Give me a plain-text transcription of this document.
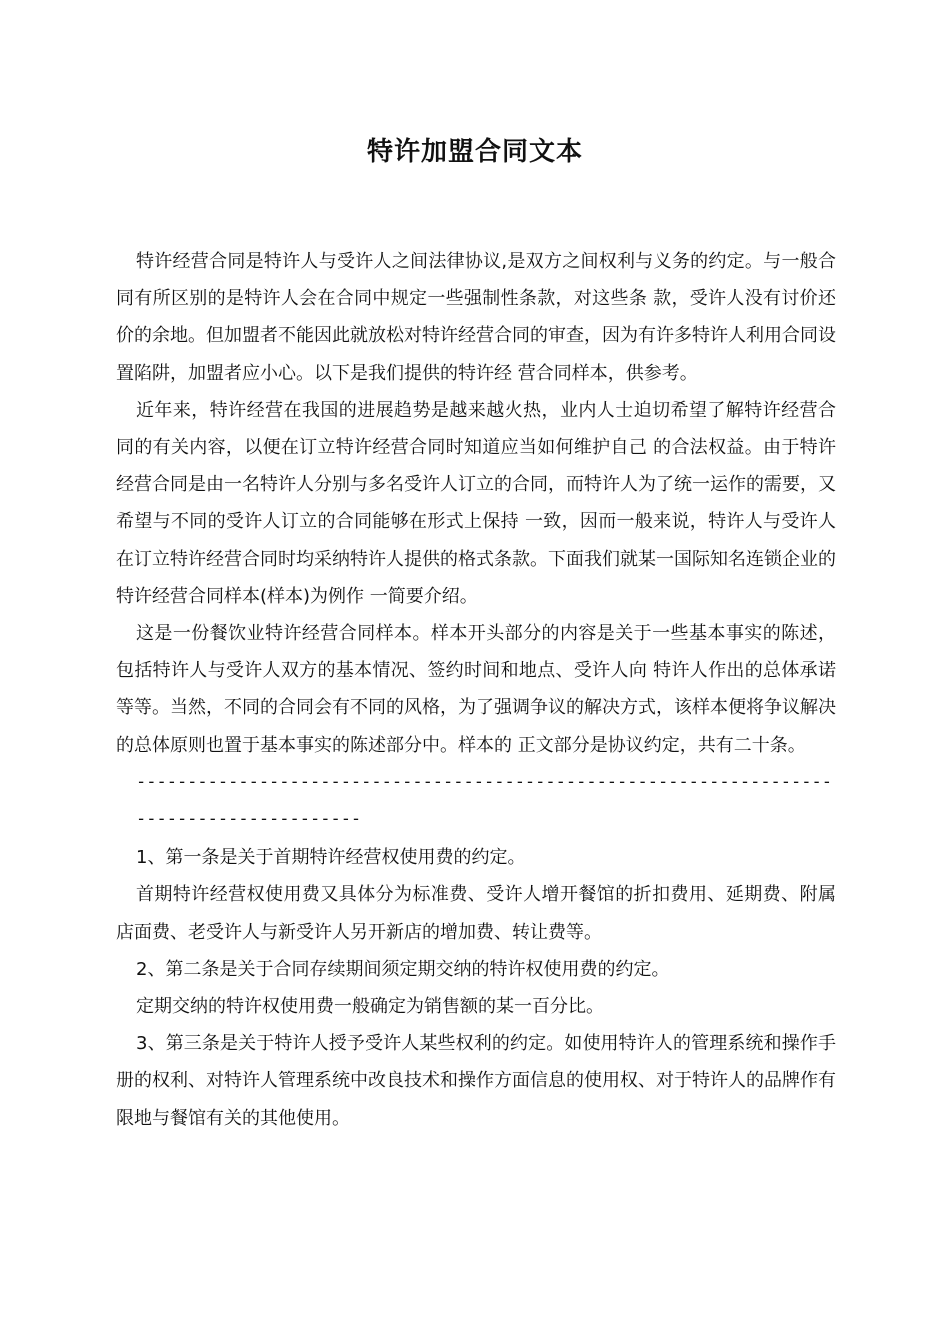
特许加盟合同文本

特许经营合同是特许人与受许人之间法律协议,是双方之间权利与义务的约定。与一般合同有所区别的是特许人会在合同中规定一些强制性条款，对这些条 款，受许人没有讨价还价的余地。但加盟者不能因此就放松对特许经营合同的审查，因为有许多特许人利用合同设置陷阱，加盟者应小心。以下是我们提供的特许经 营合同样本，供参考。

近年来，特许经营在我国的进展趋势是越来越火热，业内人士迫切希望了解特许经营合同的有关内容，以便在订立特许经营合同时知道应当如何维护自己 的合法权益。由于特许经营合同是由一名特许人分别与多名受许人订立的合同，而特许人为了统一运作的需要，又希望与不同的受许人订立的合同能够在形式上保持 一致，因而一般来说，特许人与受许人在订立特许经营合同时均采纳特许人提供的格式条款。下面我们就某一国际知名连锁企业的特许经营合同样本(样本)为例作 一简要介绍。

这是一份餐饮业特许经营合同样本。样本开头部分的内容是关于一些基本事实的陈述，包括特许人与受许人双方的基本情况、签约时间和地点、受许人向 特许人作出的总体承诺等等。当然，不同的合同会有不同的风格，为了强调争议的解决方式，该样本便将争议解决的总体原则也置于基本事实的陈述部分中。样本的 正文部分是协议约定，共有二十条。

------------------------------------------------------------------------------------------

1、第一条是关于首期特许经营权使用费的约定。

首期特许经营权使用费又具体分为标准费、受许人增开餐馆的折扣费用、延期费、附属店面费、老受许人与新受许人另开新店的增加费、转让费等。

2、第二条是关于合同存续期间须定期交纳的特许权使用费的约定。

定期交纳的特许权使用费一般确定为销售额的某一百分比。

3、第三条是关于特许人授予受许人某些权利的约定。如使用特许人的管理系统和操作手册的权利、对特许人管理系统中改良技术和操作方面信息的使用权、对于特许人的品牌作有限地与餐馆有关的其他使用。
